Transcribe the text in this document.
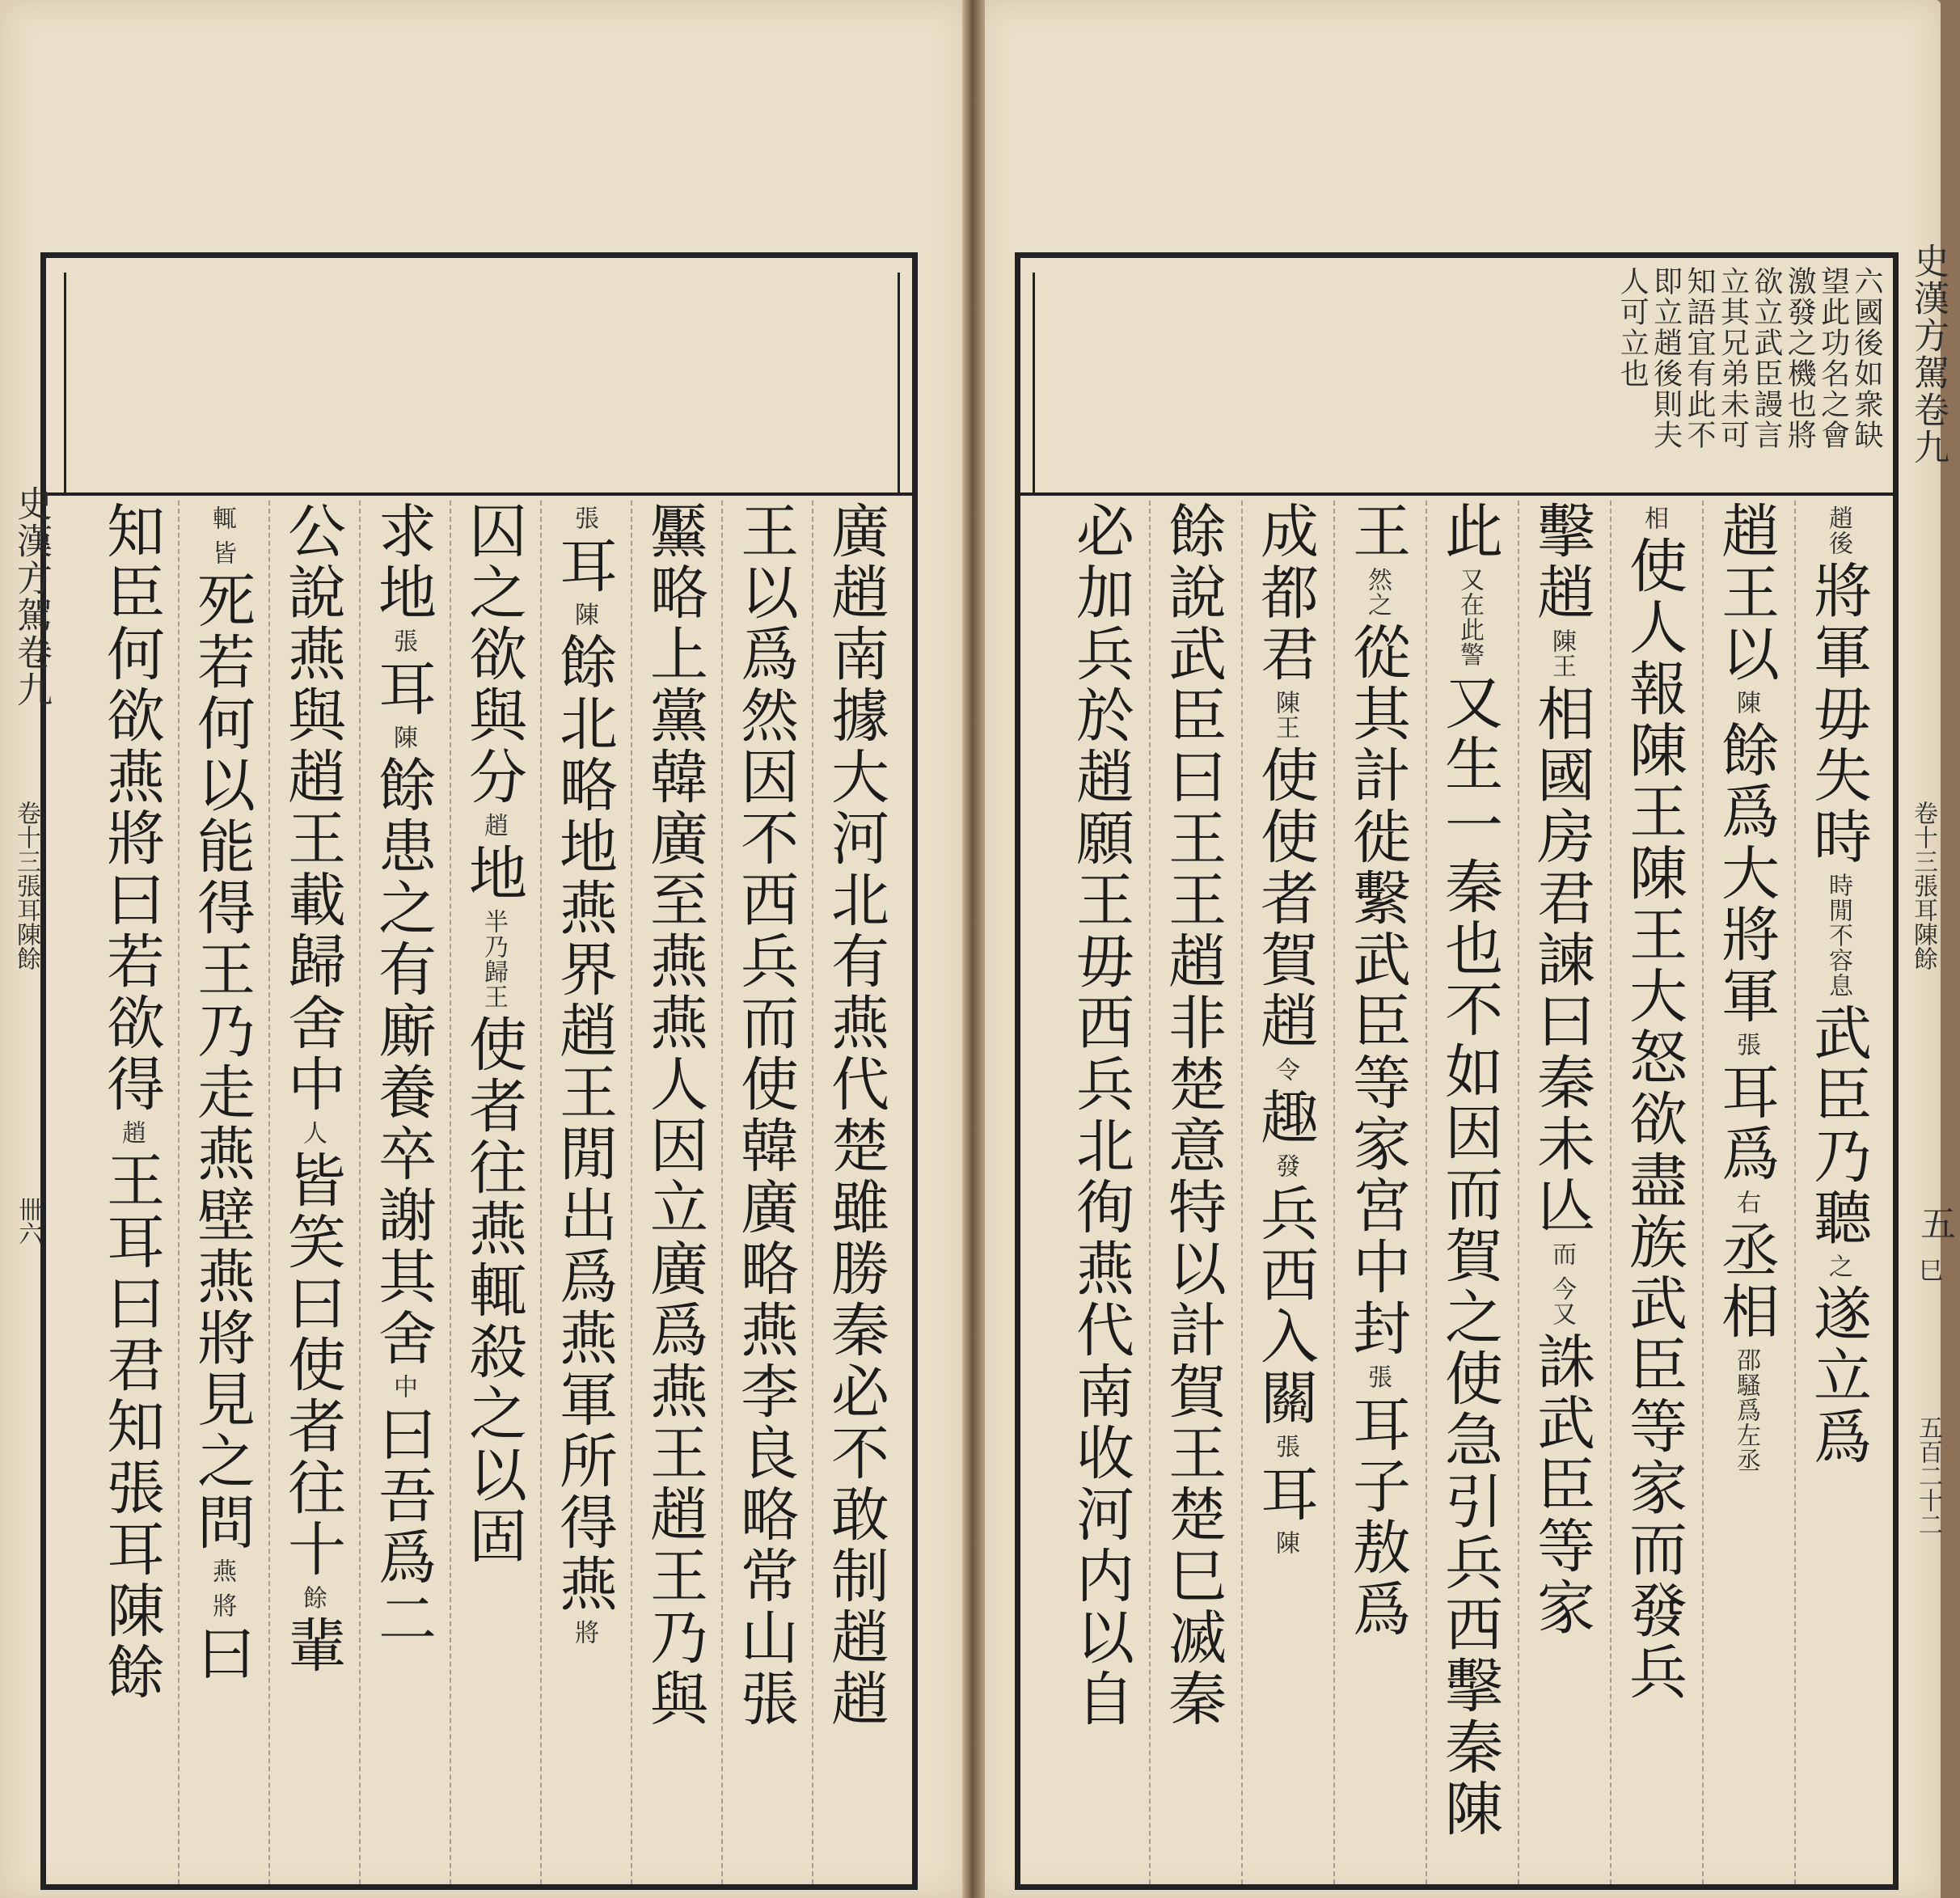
六國後如衆缺
望此功名之會
激發之機也將
欲立武臣謾言
立其兄弟未可
知語宜有此不
即立趙後則夫
人可立也
趙後將軍毋失時時閒不容息武臣乃聽之遂立爲
趙王以陳餘爲大將軍張耳爲右丞相邵騷爲左丞
相使人報陳王陳王大怒欲盡族武臣等家而發兵
擊趙陳王相國房君諫曰秦未亾而今又誅武臣等家
此又在此警又生一秦也不如因而賀之使急引兵西擊秦陳
王然之從其計徙繫武臣等家宮中封張耳子敖爲
成都君陳王使使者賀趙令趣發兵西入關張耳陳
餘說武臣曰王王趙非楚意特以計賀王楚巳㓕秦
必加兵於趙願王毋西兵北徇燕代南收河内以自
史漢方駕卷九
卷十三張耳陳餘
五
巳
五百二十二
廣趙南據大河北有燕代楚雖勝秦必不敢制趙趙
王以爲然因不西兵而使韓廣略燕李良略常山張
黶略上黨韓廣至燕燕人因立廣爲燕王趙王乃與
張耳陳餘北略地燕界趙王閒出爲燕軍所得燕將
囚之欲與分趙地半乃歸王使者往燕輒殺之以固
求地張耳陳餘患之有廝養卒謝其舍中曰吾爲二
公說燕與趙王載歸舍中人皆笑曰使者往十餘輩
輒皆死若何以能得王乃走燕壁燕將見之問燕將曰
知臣何欲燕將曰若欲得趙王耳曰君知張耳陳餘
史漢方駕卷九
卷十三張耳陳餘
卌六
